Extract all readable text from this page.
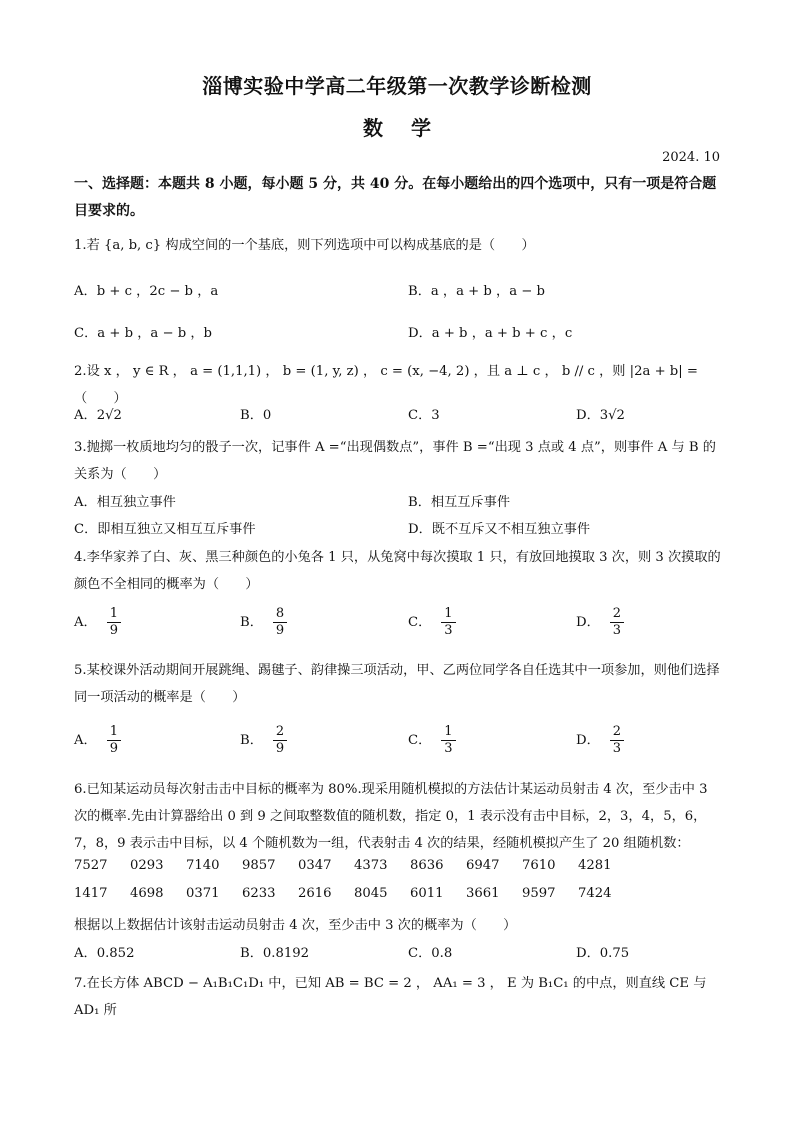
淄博实验中学高二年级第一次教学诊断检测
数学
2024. 10
一、选择题：本题共 8 小题，每小题 5 分，共 40 分。在每小题给出的四个选项中，只有一项是符合题目要求的。
1.若 {a, b, c} 构成空间的一个基底，则下列选项中可以构成基底的是（　　）
A．b + c ，2c − b ，a	B．a ，a + b ，a − b
C．a + b ，a − b ，b	D．a + b ，a + b + c ，c
2.设 x ， y ∈ R ， a = (1,1,1) ， b = (1, y, z) ， c = (x, −4, 2) ，且 a ⊥ c ， b // c ，则 |2a + b| =（　　）
A．2√2	B．0	C．3	D．3√2
3.抛掷一枚质地均匀的骰子一次，记事件 A =“出现偶数点”，事件 B =“出现 3 点或 4 点”，则事件 A 与 B 的关系为（　　）
A．相互独立事件	B．相互互斥事件
C．即相互独立又相互互斥事件	D．既不互斥又不相互独立事件
4.李华家养了白、灰、黑三种颜色的小兔各 1 只，从兔窝中每次摸取 1 只，有放回地摸取 3 次，则 3 次摸取的颜色不全相同的概率为（　　）
A． $\frac{1}{9}$	B． $\frac{8}{9}$	C． $\frac{1}{3}$	D． $\frac{2}{3}$
5.某校课外活动期间开展跳绳、踢毽子、韵律操三项活动，甲、乙两位同学各自任选其中一项参加，则他们选择同一项活动的概率是（　　）
A． $\frac{1}{9}$	B． $\frac{2}{9}$	C． $\frac{1}{3}$	D． $\frac{2}{3}$
6.已知某运动员每次射击击中目标的概率为 80%.现采用随机模拟的方法估计某运动员射击 4 次，至少击中 3 次的概率.先由计算器给出 0 到 9 之间取整数值的随机数，指定 0，1 表示没有击中目标，2，3，4，5，6，7，8，9 表示击中目标，以 4 个随机数为一组，代表射击 4 次的结果，经随机模拟产生了 20 组随机数：
7527	0293	7140	9857	0347	4373	8636	6947	7610	4281
1417	4698	0371	6233	2616	8045	6011	3661	9597	7424
根据以上数据估计该射击运动员射击 4 次，至少击中 3 次的概率为（　　）
A．0.852	B．0.8192	C．0.8	D．0.75
7.在长方体 ABCD − A₁B₁C₁D₁ 中，已知 AB = BC = 2 ， AA₁ = 3 ， E 为 B₁C₁ 的中点，则直线 CE 与 AD₁ 所
